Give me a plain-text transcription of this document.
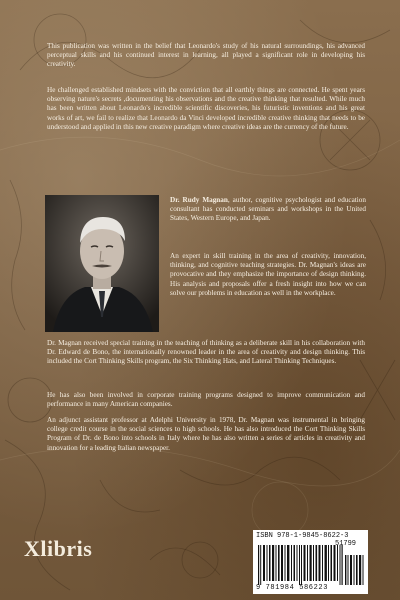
This publication was written in the belief that Leonardo's study of his natural surroundings, his advanced perceptual skills and his continued interest in learning, all played a significant role in developing his creativity.

He challenged established mindsets with the conviction that all earthly things are connected. He spent years observing nature's secrets ,documenting his observations and the creative thinking that resulted. While much has been written about Leonardo's incredible scientific discoveries, his futuristic inventions and his great works of art, we fail to realize that Leonardo da Vinci developed incredible creative thinking that needs to be understood and applied in this new creative paradigm where creative ideas are the currency of the future.

Dr. Rudy Magnan, author, cognitive psychologist and education consultant has conducted seminars and workshops in the United States, Western Europe, and Japan.

An expert in skill training in the area of creativity, innovation, thinking, and cognitive teaching strategies. Dr. Magnan's ideas are provocative and they emphasize the importance of design thinking. His analysis and proposals offer a fresh insight into how we can solve our problems in education as well in the workplace.

Dr. Magnan received special training in the teaching of thinking as a deliberate skill in his collaboration with Dr. Edward de Bono, the internationally renowned leader in the area of creativity and design thinking. This included the Cort Thinking Skills program, the Six Thinking Hats, and Lateral Thinking Techniques.

He has also been involved in corporate training programs designed to improve communication and performance in many American companies.

An adjunct assistant professor at Adelphi University in 1978, Dr. Magnan was instrumental in bringing college credit course in the social sciences to high schools. He has also introduced the Cort Thinking Skills Program of Dr. de Bono into schools in Italy where he has also written a series of articles in creativity and innovation for a leading Italian newspaper.

Xlibris	ISBN 978-1-9845-8622-3
51799
9 781984 586223
